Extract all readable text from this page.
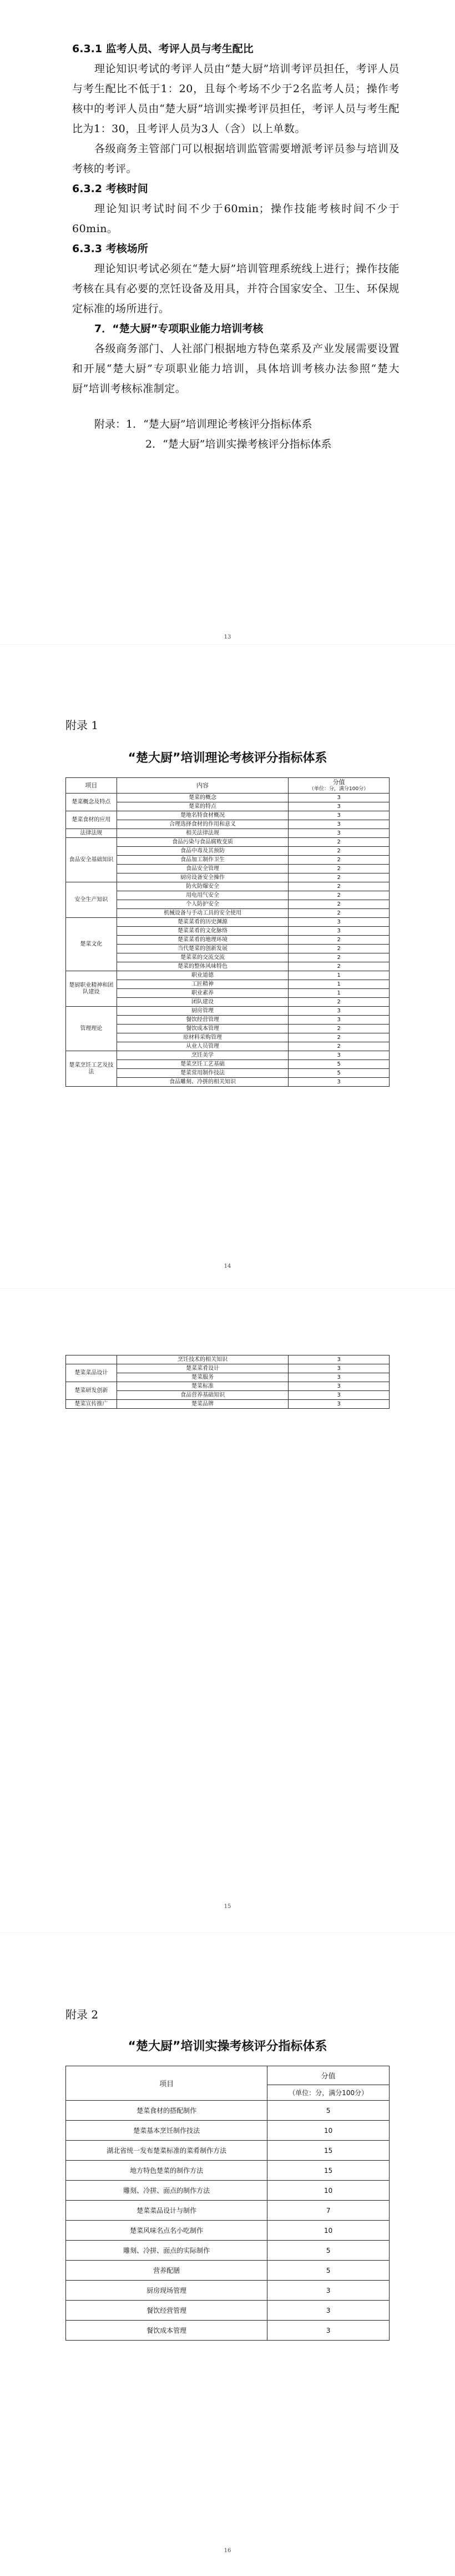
6.3.1 监考人员、考评人员与考生配比

理论知识考试的考评人员由“楚大厨”培训考评员担任，考评人员与考生配比不低于1：20，且每个考场不少于2名监考人员；操作考核中的考评人员由“楚大厨”培训实操考评员担任，考评人员与考生配比为1：30，且考评人员为3人（含）以上单数。

各级商务主管部门可以根据培训监管需要增派考评员参与培训及考核的考评。

6.3.2 考核时间

理论知识考试时间不少于60min；操作技能考核时间不少于60min。

6.3.3 考核场所

理论知识考试必须在“楚大厨”培训管理系统线上进行；操作技能考核在具有必要的烹饪设备及用具，并符合国家安全、卫生、环保规定标准的场所进行。

7．“楚大厨”专项职业能力培训考核

各级商务部门、人社部门根据地方特色菜系及产业发展需要设置和开展“楚大厨”专项职业能力培训，具体培训考核办法参照“楚大厨”培训考核标准制定。

附录：1．“楚大厨”培训理论考核评分指标体系
2．“楚大厨”培训实操考核评分指标体系
13
附录 1
“楚大厨”培训理论考核评分指标体系
项目	内容	分值
（单位：分，满分100分）

楚菜概念及特点	楚菜的概念	3
	楚菜的特点	3
楚菜食材的应用	楚地名特食材概况	3
	合理选择食材的作用和意义	3
法律法规	相关法律法规	3
食品安全基础知识	食品污染与食品腐败变质	2
	食品中毒及其预防	2
	食品加工制作卫生	2
	食品安全管理	2
	厨房设备安全操作	2
安全生产知识	防火防爆安全	2
	用电用气安全	2
	个人防护安全	2
	机械设备与手动工具的安全使用	2
楚菜文化	楚菜菜肴的历史渊源	3
	楚菜菜肴的文化脉络	3
	楚菜菜肴的地理环境	2
	当代楚菜的创新发展	2
	楚菜菜的交流交流	2
	楚菜的整体风味特色	2
楚厨职业精神和团队建设	职业道德	1
	工匠精神	1
	职业素养	1
	团队建设	2
管理理论	厨房管理	3
	餐饮经营管理	3
	餐饮成本管理	2
	原材料采购管理	2
	从业人员管理	2
楚菜烹饪工艺及技法	烹饪美学	3
	楚菜烹饪工艺基础	5
	楚菜常用制作技法	5
	食品雕刻、冷拼的相关知识	3
14
	烹饪技术的相关知识	3
楚菜菜品设计	楚菜菜肴设计	3
	楚菜服务	3
楚菜研发创新	楚菜标准	3
	食品营养基础知识	3
楚菜宣传推广	楚菜品牌	3
15
附录 2
“楚大厨”培训实操考核评分指标体系
项目	分值
	（单位：分，满分100分）
楚菜食材的搭配制作	5
楚菜基本烹饪制作技法	10
湖北省统一发布楚菜标准的菜肴制作方法	15
地方特色楚菜的制作方法	15
雕刻、冷拼、面点的制作方法	10
楚菜菜品设计与制作	7
楚菜风味名点名小吃制作	10
雕刻、冷拼、面点的实际制作	5
营养配膳	5
厨房现场管理	3
餐饮经营管理	3
餐饮成本管理	3
16
